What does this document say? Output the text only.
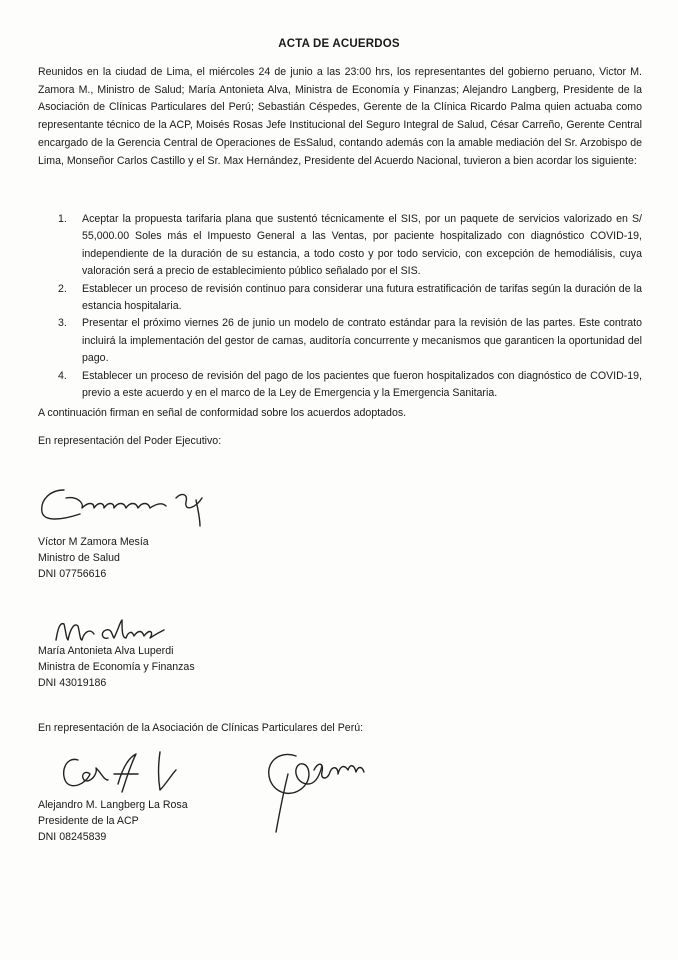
ACTA DE ACUERDOS

Reunidos en la ciudad de Lima, el miércoles 24 de junio a las 23:00 hrs, los representantes del gobierno peruano, Victor M. Zamora M., Ministro de Salud; María Antonieta Alva, Ministra de Economía y Finanzas; Alejandro Langberg, Presidente de la Asociación de Clínicas Particulares del Perú; Sebastián Céspedes, Gerente de la Clínica Ricardo Palma quien actuaba como representante técnico de la ACP, Moisés Rosas Jefe Institucional del Seguro Integral de Salud, César Carreño, Gerente Central encargado de la Gerencia Central de Operaciones de EsSalud, contando además con la amable mediación del Sr. Arzobispo de Lima, Monseñor Carlos Castillo y el Sr. Max Hernández, Presidente del Acuerdo Nacional, tuvieron a bien acordar los siguiente:

1. Aceptar la propuesta tarifaria plana que sustentó técnicamente el SIS, por un paquete de servicios valorizado en S/ 55,000.00 Soles más el Impuesto General a las Ventas, por paciente hospitalizado con diagnóstico COVID-19, independiente de la duración de su estancia, a todo costo y por todo servicio, con excepción de hemodiálisis, cuya valoración será a precio de establecimiento público señalado por el SIS.
2. Establecer un proceso de revisión continuo para considerar una futura estratificación de tarifas según la duración de la estancia hospitalaria.
3. Presentar el próximo viernes 26 de junio un modelo de contrato estándar para la revisión de las partes. Este contrato incluirá la implementación del gestor de camas, auditoría concurrente y mecanismos que garanticen la oportunidad del pago.
4. Establecer un proceso de revisión del pago de los pacientes que fueron hospitalizados con diagnóstico de COVID-19, previo a este acuerdo y en el marco de la Ley de Emergencia y la Emergencia Sanitaria.

A continuación firman en señal de conformidad sobre los acuerdos adoptados.

En representación del Poder Ejecutivo:

Víctor M Zamora Mesía
Ministro de Salud
DNI 07756616
María Antonieta Alva Luperdi
Ministra de Economía y Finanzas
DNI 43019186

En representación de la Asociación de Clínicas Particulares del Perú:

Alejandro M. Langberg La Rosa
Presidente de la ACP
DNI 08245839
